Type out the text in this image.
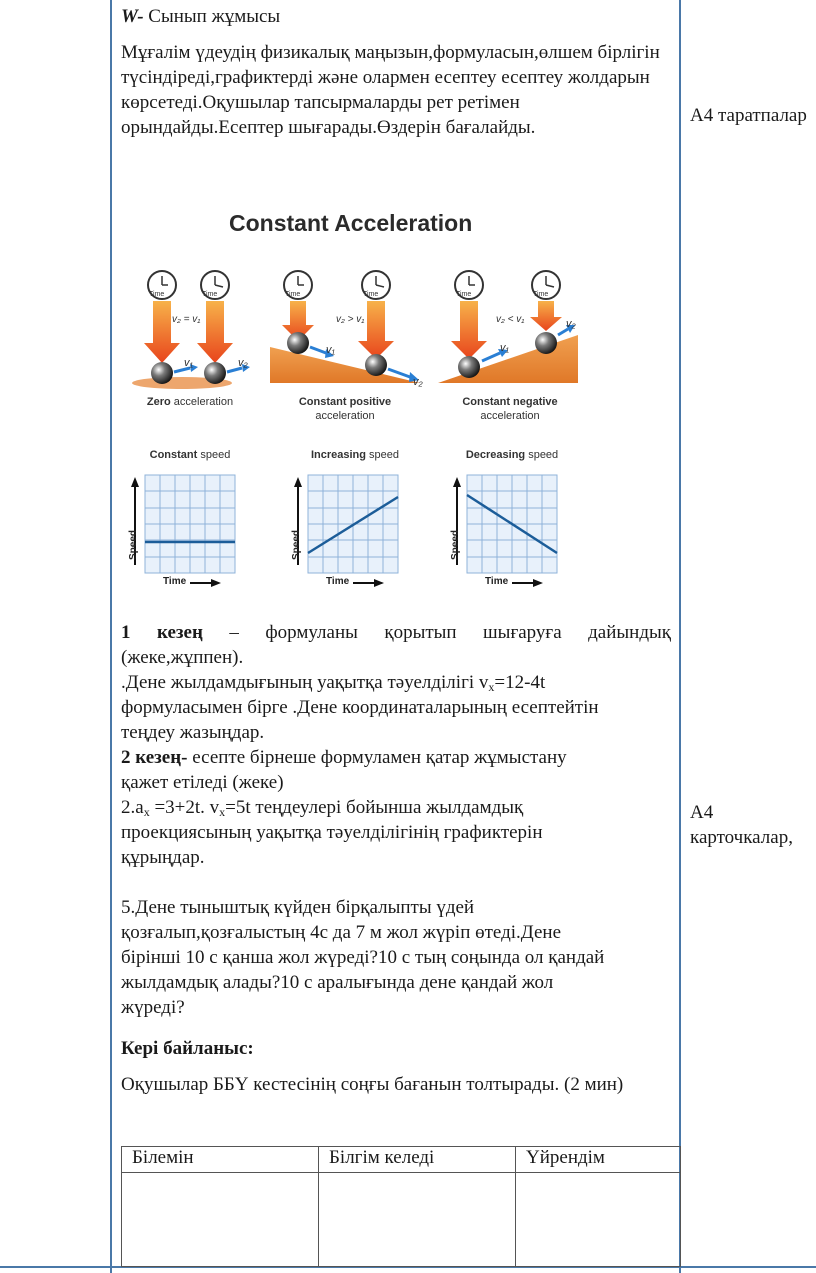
W- Сынып жұмысы
Мұғалім үдеудің физикалық маңызын,формуласын,өлшем бірлігін түсіндіреді,графиктерді және олармен есептеу есептеу жолдарын көрсетеді.Оқушылар тапсырмаларды рет ретімен орындайды.Есептер шығарады.Өздерін бағалайды.
А4 таратпалар
Constant Acceleration
Time	Time	Time	Time	Time	Time
v₂ = v₁	v₂ > v₁	v₂ < v₁
v₁	v₂
v₁
v₂
v₁
v₂
Zero acceleration	Constant positive
acceleration
Constant negative
acceleration
Constant speed	Increasing speed	Decreasing speed
Speed	Speed	Speed
Time	Time	Time
1 кезең – формуланы қорытып шығаруға дайындық
(жеке,жұппен).
.Дене жылдамдығының уақытқа тәуелділігі $v_x=12-4t$
формуласымен бірге .Дене координаталарының есептейтін
теңдеу жазыңдар.
2 кезең- есепте бірнеше формуламен қатар жұмыстану
қажет етіледі (жеке)
$2.a_x =3+2t$. $v_x=5t$ теңдеулері бойынша жылдамдық
проекциясының уақытқа тәуелділігінің графиктерін
құрыңдар.
А4
карточкалар,
5.Дене тыныштық күйден бірқалыпты үдей
қозғалып,қозғалыстың 4с да 7 м жол жүріп өтеді.Дене
бірінші 10 с қанша жол жүреді?10 с тың соңында ол қандай
жылдамдық алады?10 с аралығында дене қандай жол
жүреді?
Кері байланыс:
Оқушылар ББҮ кестесінің соңғы бағанын толтырады. (2 мин)
Білемін	Білгім келеді	Үйрендім
